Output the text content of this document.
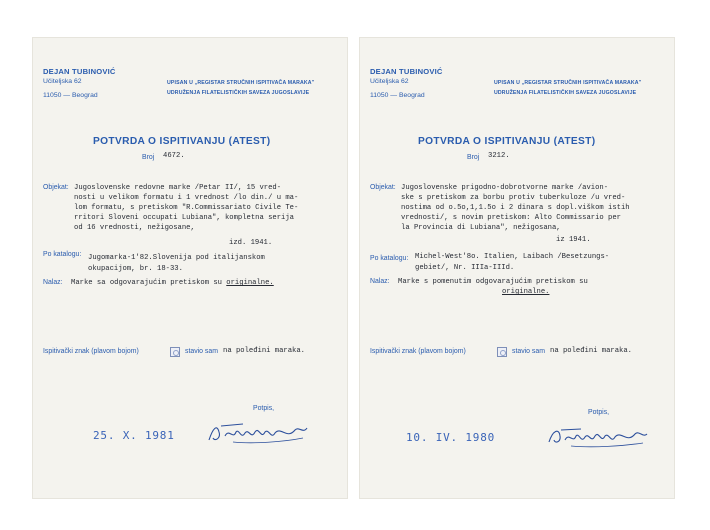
DEJAN TUBINOVIĆ
Učiteljska 62
11050 — Beograd
UPISAN U „REGISTAR STRUČNIH ISPITIVAČA MARAKA"
UDRUŽENJA FILATELISTIČKIH SAVEZA JUGOSLAVIJE
POTVRDA O ISPITIVANJU (ATEST)
Broj 4672.
Objekat: Jugoslovenske redovne marke /Petar II/, 15 vred-
nosti u velikom formatu i 1 vrednost /lo din./ u ma-
lom formatu, s pretiskom "R.Commissariato Civile Te-
rritori Sloveni occupati Lubiana", kompletna serija
od 16 vrednosti, nežigosane,
izd. 1941.
Po katalogu: Jugomarka-1'82.Slovenija pod italijanskom
okupacijom, br. 18-33.
Nalaz: Marke sa odgovarajućim pretiskom su originalne.
Ispitivački znak (plavom bojom)	stavio sam na poleđini maraka.
Potpis,
25. X. 1981
DEJAN TUBINOVIĆ
Učiteljska 62
11050 — Beograd
UPISAN U „REGISTAR STRUČNIH ISPITIVAČA MARAKA"
UDRUŽENJA FILATELISTIČKIH SAVEZA JUGOSLAVIJE
POTVRDA O ISPITIVANJU (ATEST)
Broj 3212.
Objekat: Jugoslovenske prigodno-dobrotvorne marke /avion-
ske s pretiskom za borbu protiv tuberkuloze /u vred-
nostima od o.5o,1,1.5o i 2 dinara s dopl.viškom istih
vrednosti/, s novim pretiskom: Alto Commissario per
la Provincia di Lubiana", nežigosana,
iz 1941.
Po katalogu: Michel-West'8o. Italien, Laibach /Besetzungs-
gebiet/, Nr. IIIa-IIId.
Nalaz: Marke s pomenutim odgovarajućim pretiskom su
originalne.
Ispitivački znak (plavom bojom)	stavio sam na poleđini maraka.
Potpis,
10. IV. 1980
